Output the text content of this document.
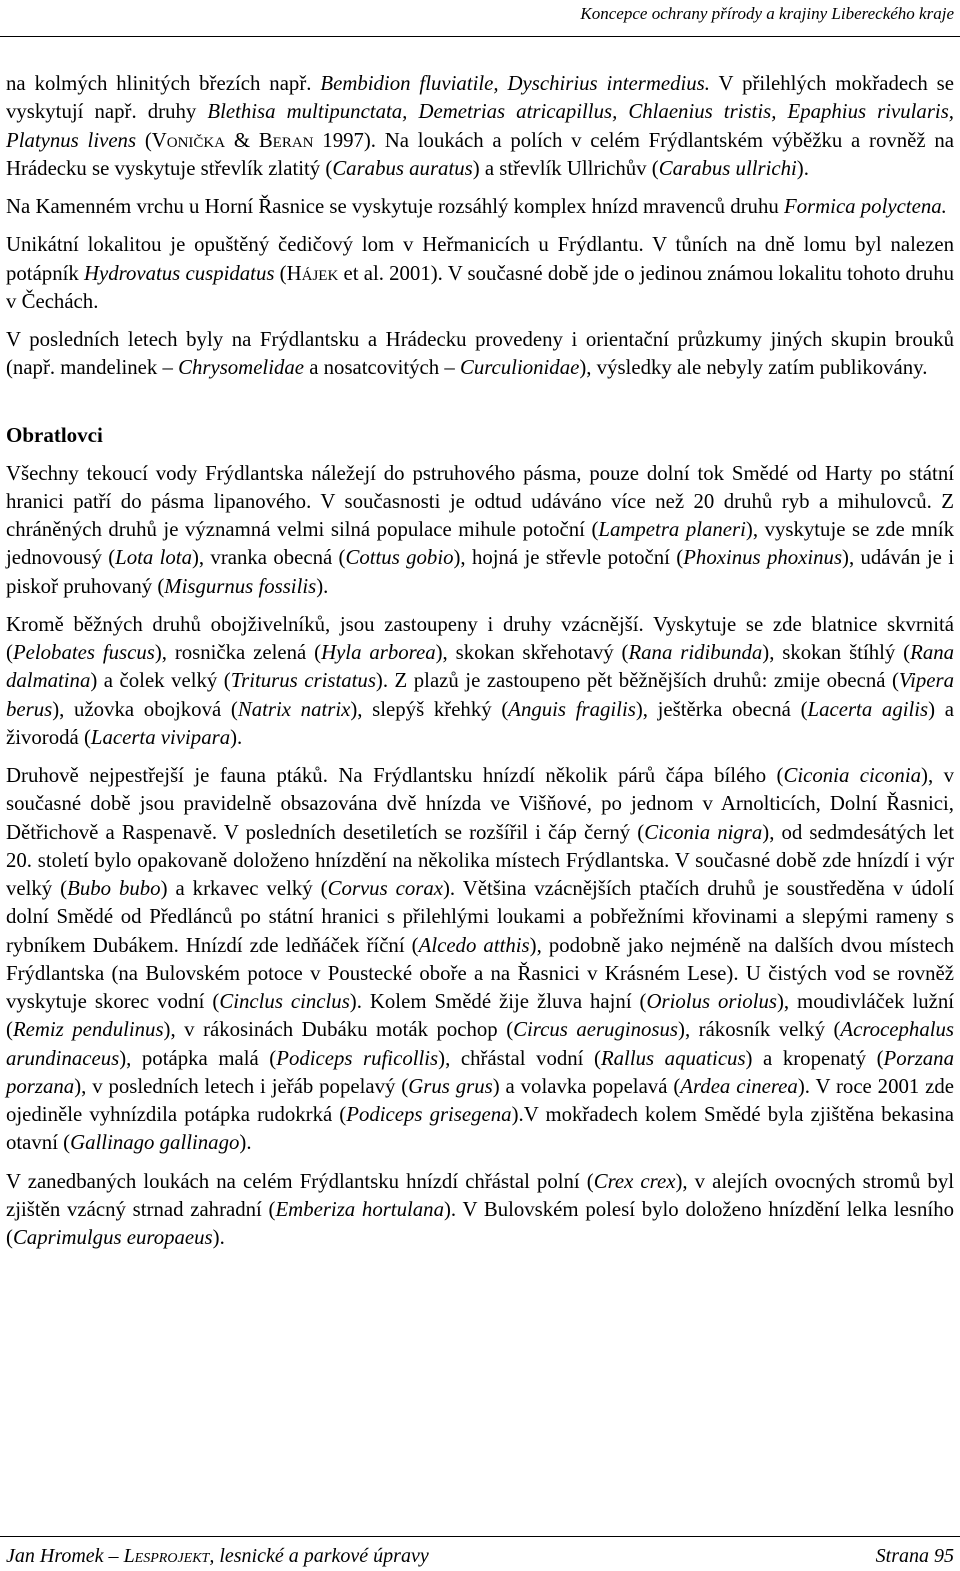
Koncepce ochrany přírody a krajiny Libereckého kraje

na kolmých hlinitých březích např. Bembidion fluviatile, Dyschirius intermedius. V přilehlých mokřadech se vyskytují např. druhy Blethisa multipunctata, Demetrias atricapillus, Chlaenius tristis, Epaphius rivularis, Platynus livens (Vonička & Beran 1997). Na loukách a polích v celém Frýdlantském výběžku a rovněž na Hrádecku se vyskytuje střevlík zlatitý (Carabus auratus) a střevlík Ullrichův (Carabus ullrichi).

Na Kamenném vrchu u Horní Řasnice se vyskytuje rozsáhlý komplex hnízd mravenců druhu Formica polyctena.

Unikátní lokalitou je opuštěný čedičový lom v Heřmanicích u Frýdlantu. V tůních na dně lomu byl nalezen potápník Hydrovatus cuspidatus (Hájek et al. 2001). V současné době jde o jedinou známou lokalitu tohoto druhu v Čechách.

V posledních letech byly na Frýdlantsku a Hrádecku provedeny i orientační průzkumy jiných skupin brouků (např. mandelinek – Chrysomelidae a nosatcovitých – Curculionidae), výsledky ale nebyly zatím publikovány.

Obratlovci

Všechny tekoucí vody Frýdlantska náležejí do pstruhového pásma, pouze dolní tok Smědé od Harty po státní hranici patří do pásma lipanového. V současnosti je odtud udáváno více než 20 druhů ryb a mihulovců. Z chráněných druhů je významná velmi silná populace mihule potoční (Lampetra planeri), vyskytuje se zde mník jednovousý (Lota lota), vranka obecná (Cottus gobio), hojná je střevle potoční (Phoxinus phoxinus), udáván je i piskoř pruhovaný (Misgurnus fossilis).

Kromě běžných druhů obojživelníků, jsou zastoupeny i druhy vzácnější. Vyskytuje se zde blatnice skvrnitá (Pelobates fuscus), rosnička zelená (Hyla arborea), skokan skřehotavý (Rana ridibunda), skokan štíhlý (Rana dalmatina) a čolek velký (Triturus cristatus). Z plazů je zastoupeno pět běžnějších druhů: zmije obecná (Vipera berus), užovka obojková (Natrix natrix), slepýš křehký (Anguis fragilis), ještěrka obecná (Lacerta agilis) a živorodá (Lacerta vivipara).

Druhově nejpestřejší je fauna ptáků. Na Frýdlantsku hnízdí několik párů čápa bílého (Ciconia ciconia), v současné době jsou pravidelně obsazována dvě hnízda ve Višňové, po jednom v Arnolticích, Dolní Řasnici, Dětřichově a Raspenavě. V posledních desetiletích se rozšířil i čáp černý (Ciconia nigra), od sedmdesátých let 20. století bylo opakovaně doloženo hnízdění na několika místech Frýdlantska. V současné době zde hnízdí i výr velký (Bubo bubo) a krkavec velký (Corvus corax). Většina vzácnějších ptačích druhů je soustředěna v údolí dolní Smědé od Předlánců po státní hranici s přilehlými loukami a pobřežními křovinami a slepými rameny s rybníkem Dubákem. Hnízdí zde ledňáček říční (Alcedo atthis), podobně jako nejméně na dalších dvou místech Frýdlantska (na Bulovském potoce v Poustecké oboře a na Řasnici v Krásném Lese). U čistých vod se rovněž vyskytuje skorec vodní (Cinclus cinclus). Kolem Smědé žije žluva hajní (Oriolus oriolus), moudivláček lužní (Remiz pendulinus), v rákosinách Dubáku moták pochop (Circus aeruginosus), rákosník velký (Acrocephalus arundinaceus), potápka malá (Podiceps ruficollis), chřástal vodní (Rallus aquaticus) a kropenatý (Porzana porzana), v posledních letech i jeřáb popelavý (Grus grus) a volavka popelavá (Ardea cinerea). V roce 2001 zde ojediněle vyhnízdila potápka rudokrká (Podiceps grisegena).V mokřadech kolem Smědé byla zjištěna bekasina otavní (Gallinago gallinago).

V zanedbaných loukách na celém Frýdlantsku hnízdí chřástal polní (Crex crex), v alejích ovocných stromů byl zjištěn vzácný strnad zahradní (Emberiza hortulana). V Bulovském polesí bylo doloženo hnízdění lelka lesního (Caprimulgus europaeus).

Jan Hromek – Lesprojekt, lesnické a parkové úpravy	Strana 95
